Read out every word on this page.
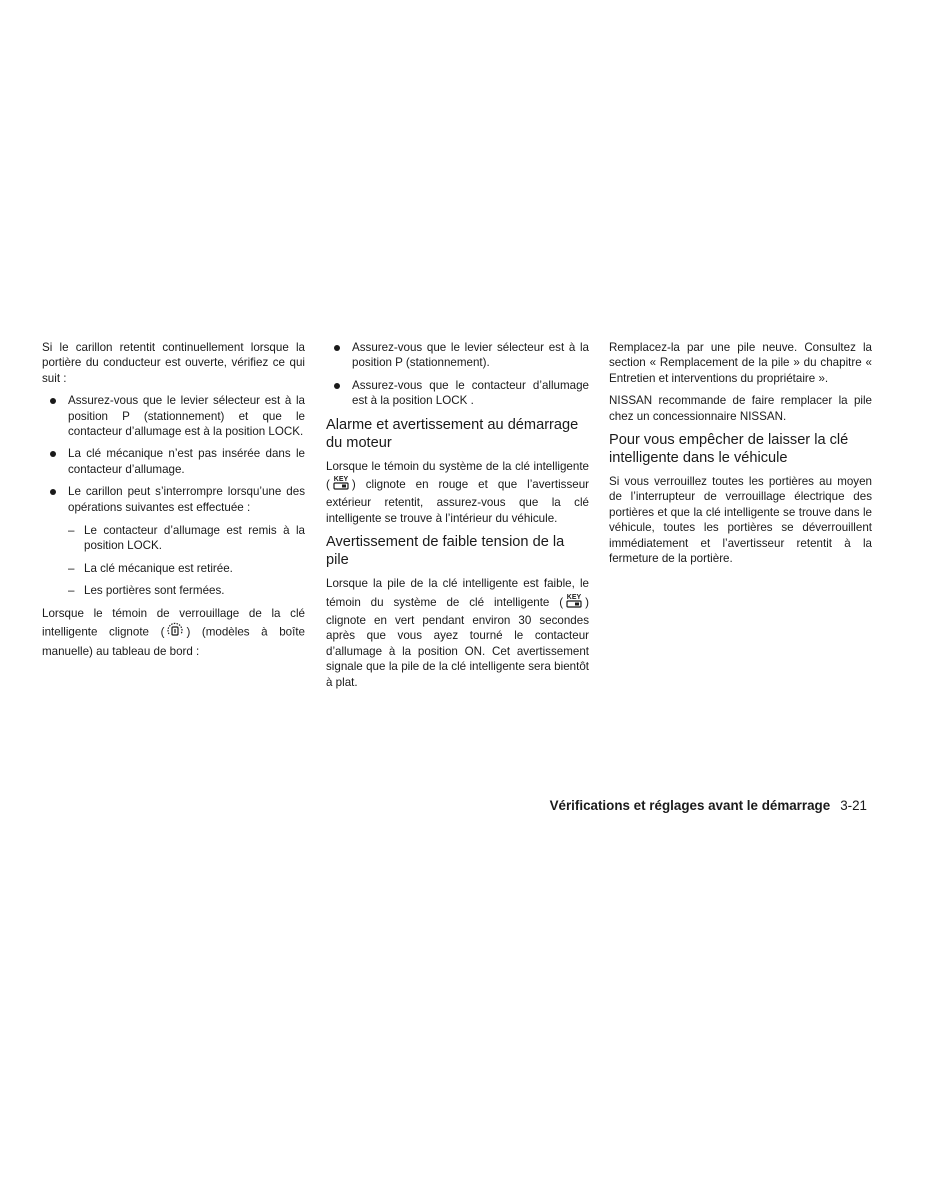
Si le carillon retentit continuellement lorsque la portière du conducteur est ouverte, vérifiez ce qui suit :

Assurez-vous que le levier sélecteur est à la position P (stationnement) et que le contacteur d’allumage est à la position LOCK.
La clé mécanique n’est pas insérée dans le contacteur d’allumage.
Le carillon peut s’interrompre lorsqu’une des opérations suivantes est effectuée :
– Le contacteur d’allumage est remis à la position LOCK.
– La clé mécanique est retirée.
– Les portières sont fermées.

Lorsque le témoin de verrouillage de la clé intelligente clignote ( ) (modèles à boîte manuelle) au tableau de bord :

Assurez-vous que le levier sélecteur est à la position P (stationnement).
Assurez-vous que le contacteur d’allumage est à la position LOCK .
Alarme et avertissement au démarrage du moteur

Lorsque le témoin du système de la clé intelligente ( KEY ) clignote en rouge et que l’avertisseur extérieur retentit, assurez-vous que la clé intelligente se trouve à l’intérieur du véhicule.

Avertissement de faible tension de la pile

Lorsque la pile de la clé intelligente est faible, le témoin du système de clé intelligente ( KEY ) clignote en vert pendant environ 30 secondes après que vous ayez tourné le contacteur d’allumage à la position ON. Cet avertissement signale que la pile de la clé intelligente sera bientôt à plat.

Remplacez-la par une pile neuve. Consultez la section « Remplacement de la pile » du chapitre « Entretien et interventions du propriétaire ».

NISSAN recommande de faire remplacer la pile chez un concessionnaire NISSAN.

Pour vous empêcher de laisser la clé intelligente dans le véhicule

Si vous verrouillez toutes les portières au moyen de l’interrupteur de verrouillage électrique des portières et que la clé intelligente se trouve dans le véhicule, toutes les portières se déverrouillent immédiatement et l’avertisseur retentit à la fermeture de la portière.

Vérifications et réglages avant le démarrage 3-21
